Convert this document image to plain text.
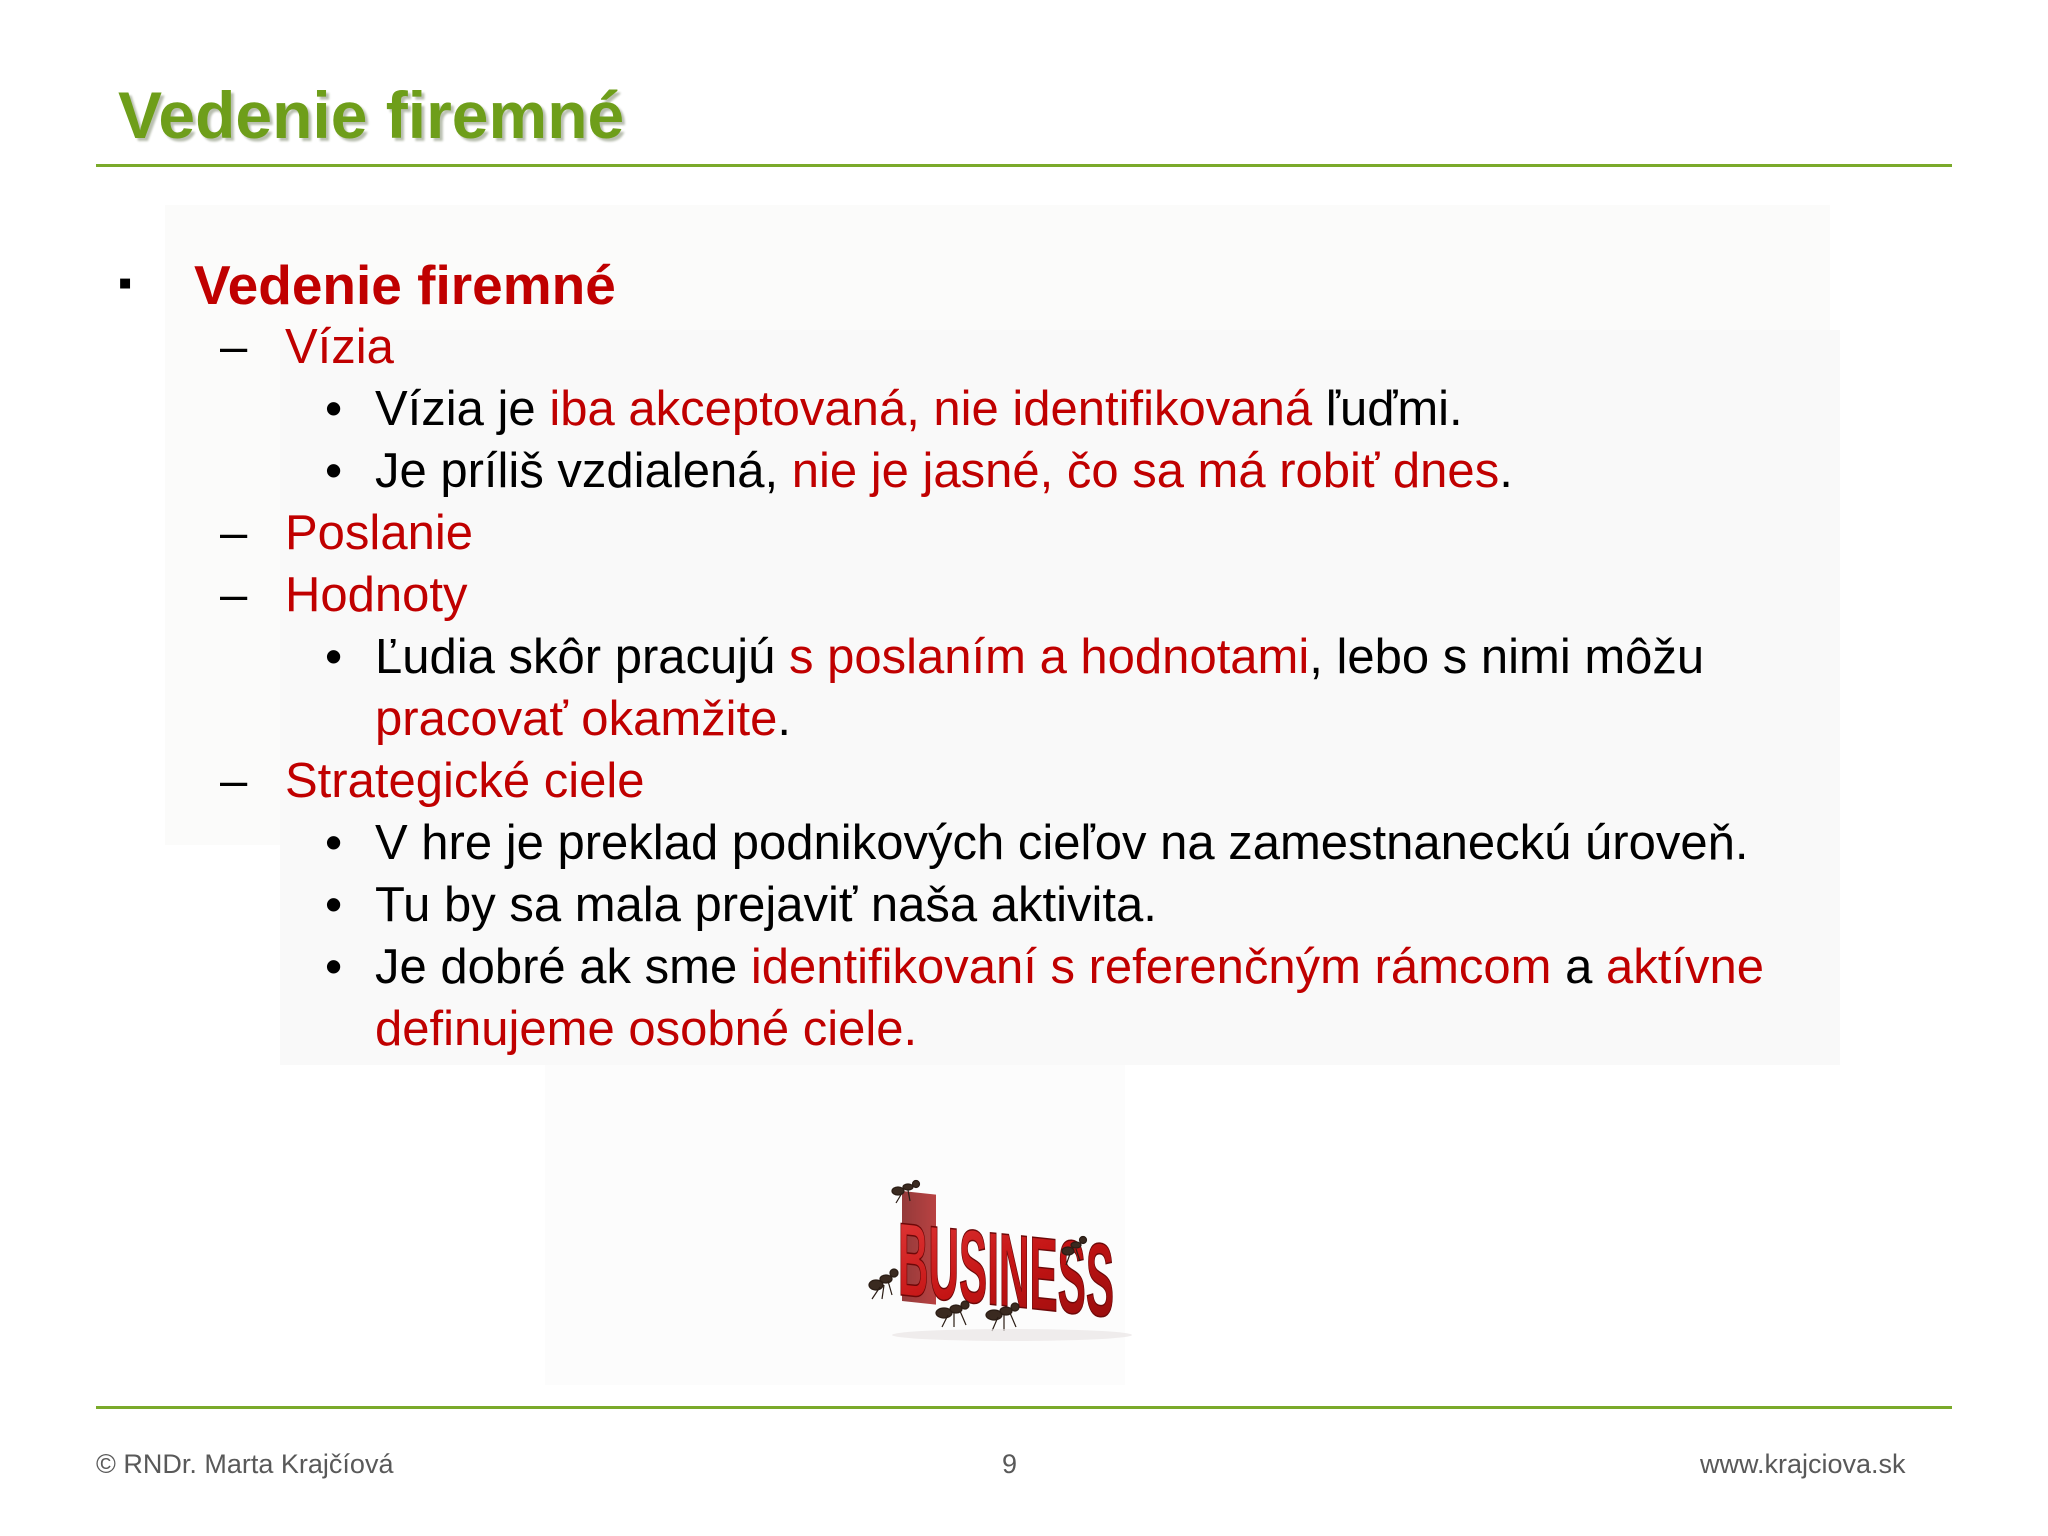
Vedenie firemné
▪ Vedenie firemné
– Vízia
• Vízia je iba akceptovaná, nie identifikovaná ľuďmi.
• Je príliš vzdialená, nie je jasné, čo sa má robiť dnes.
– Poslanie
– Hodnoty
• Ľudia skôr pracujú s poslaním a hodnotami, lebo s nimi môžu
pracovať okamžite.
– Strategické ciele
• V hre je preklad podnikových cieľov na zamestnaneckú úroveň.
• Tu by sa mala prejaviť naša aktivita.
• Je dobré ak sme identifikovaní s referenčným rámcom a aktívne
definujeme osobné ciele.
BUSINESS
© RNDr. Marta Krajčíová	9	www.krajciova.sk
